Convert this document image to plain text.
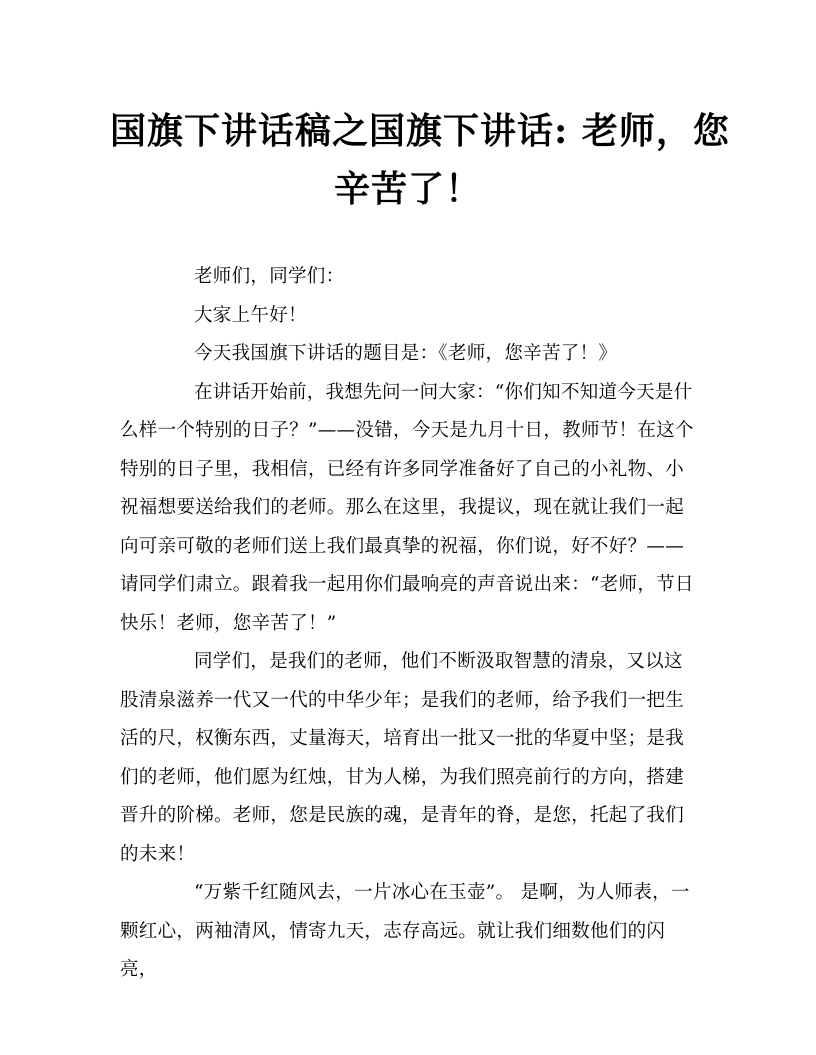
国旗下讲话稿之国旗下讲话: 老师，您
辛苦了！

老师们，同学们：

大家上午好！

今天我国旗下讲话的题目是：《老师，您辛苦了！》

在讲话开始前，我想先问一问大家：“你们知不知道今天是什么样一个特别的日子？”——没错，今天是九月十日，教师节！在这个特别的日子里，我相信，已经有许多同学准备好了自己的小礼物、小祝福想要送给我们的老师。那么在这里，我提议，现在就让我们一起向可亲可敬的老师们送上我们最真挚的祝福，你们说，好不好？——请同学们肃立。跟着我一起用你们最响亮的声音说出来：“老师，节日快乐！老师，您辛苦了！”

同学们，是我们的老师，他们不断汲取智慧的清泉，又以这股清泉滋养一代又一代的中华少年；是我们的老师，给予我们一把生活的尺，权衡东西，丈量海天，培育出一批又一批的华夏中坚；是我们的老师，他们愿为红烛，甘为人梯，为我们照亮前行的方向，搭建晋升的阶梯。老师，您是民族的魂，是青年的脊，是您，托起了我们的未来！

“万紫千红随风去，一片冰心在玉壶”。 是啊，为人师表，一颗红心，两袖清风，情寄九天，志存高远。就让我们细数他们的闪亮，
